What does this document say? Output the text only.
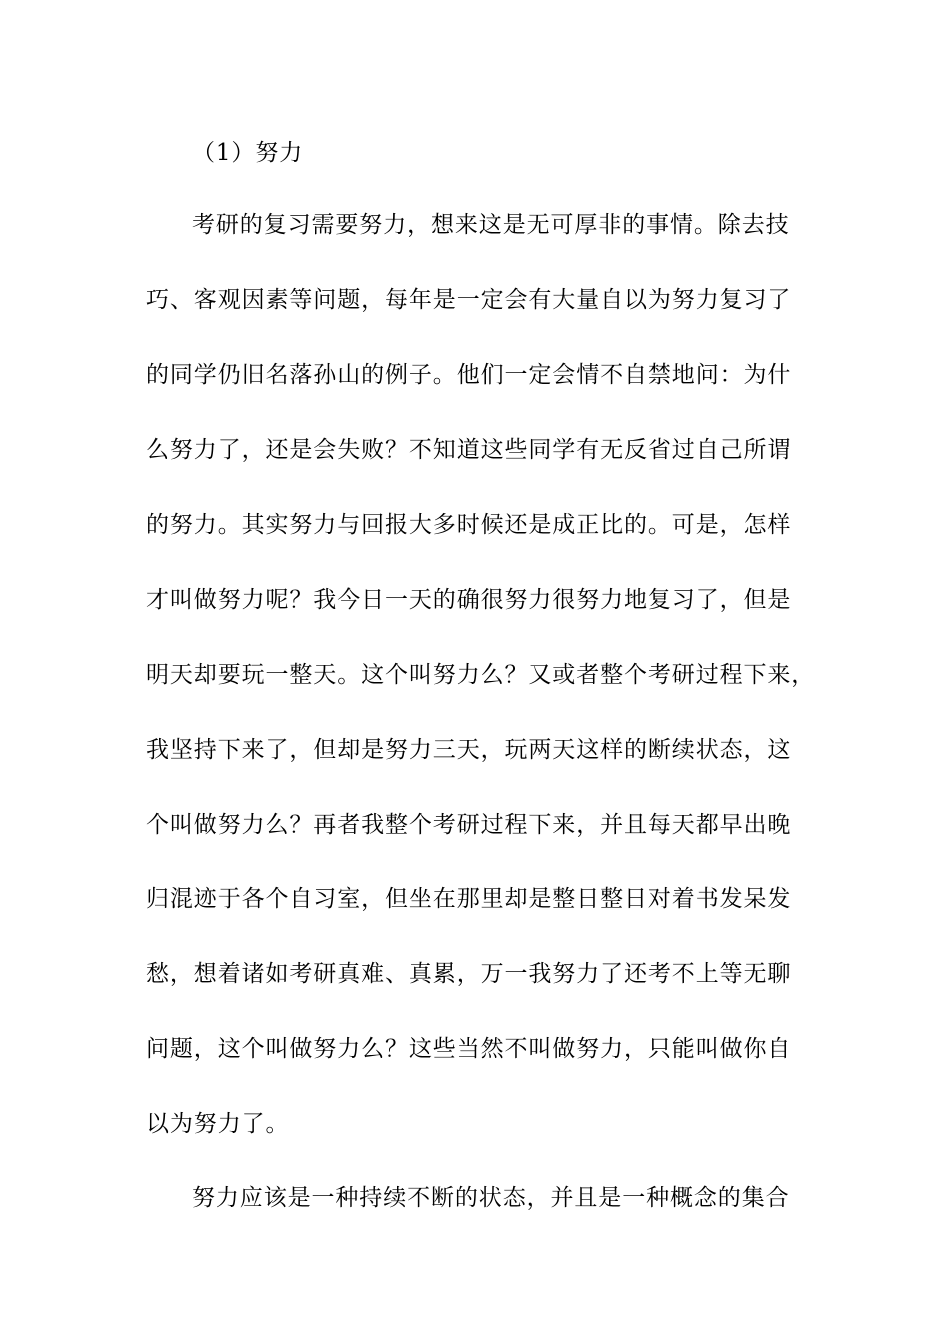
（1）努力
考研的复习需要努力，想来这是无可厚非的事情。除去技
巧、客观因素等问题，每年是一定会有大量自以为努力复习了
的同学仍旧名落孙山的例子。他们一定会情不自禁地问：为什
么努力了，还是会失败？不知道这些同学有无反省过自己所谓
的努力。其实努力与回报大多时候还是成正比的。可是，怎样
才叫做努力呢？我今日一天的确很努力很努力地复习了，但是
明天却要玩一整天。这个叫努力么？又或者整个考研过程下来，
我坚持下来了，但却是努力三天，玩两天这样的断续状态，这
个叫做努力么？再者我整个考研过程下来，并且每天都早出晚
归混迹于各个自习室，但坐在那里却是整日整日对着书发呆发
愁，想着诸如考研真难、真累，万一我努力了还考不上等无聊
问题，这个叫做努力么？这些当然不叫做努力，只能叫做你自
以为努力了。
努力应该是一种持续不断的状态，并且是一种概念的集合
